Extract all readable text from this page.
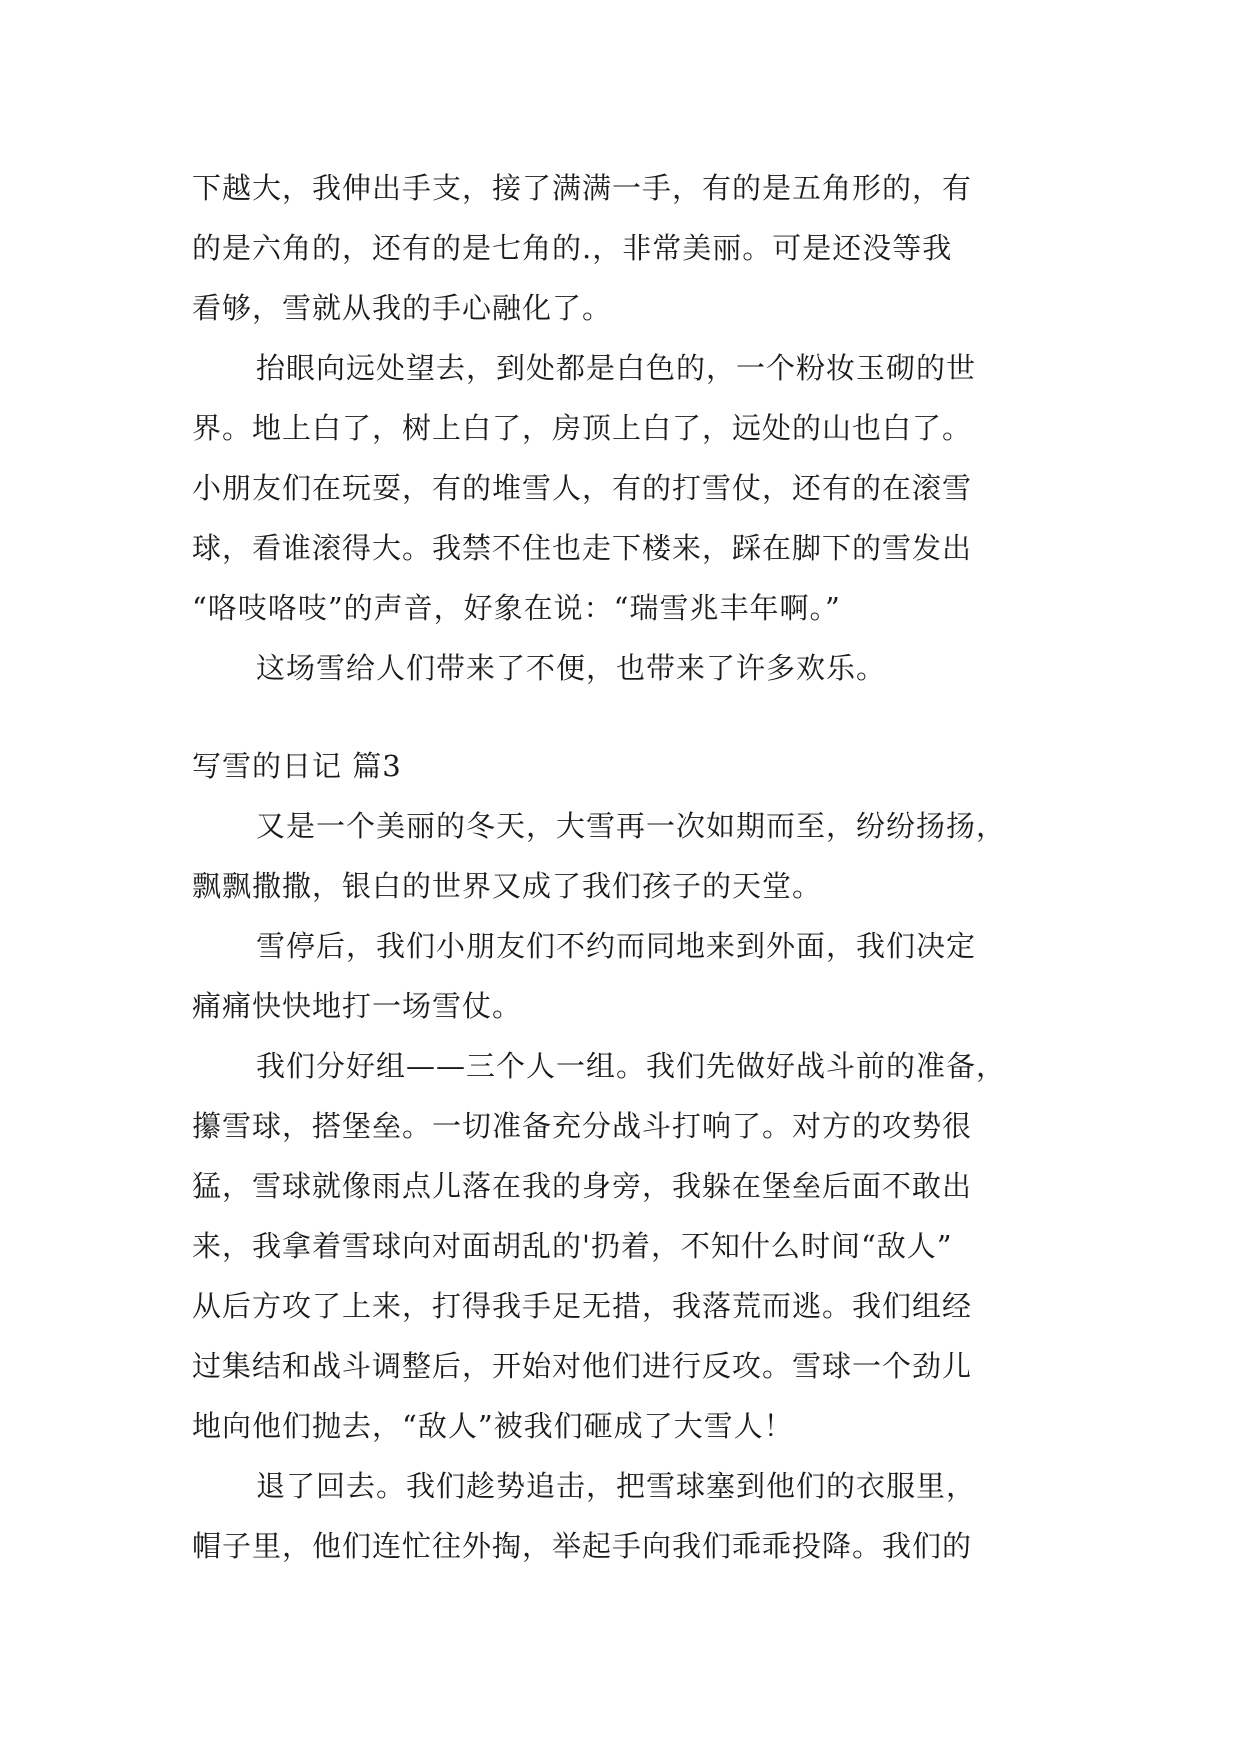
下越大，我伸出手支，接了满满一手，有的是五角形的，有
的是六角的，还有的是七角的.，非常美丽。可是还没等我
看够，雪就从我的手心融化了。
抬眼向远处望去，到处都是白色的，一个粉妆玉砌的世
界。地上白了，树上白了，房顶上白了，远处的山也白了。
小朋友们在玩耍，有的堆雪人，有的打雪仗，还有的在滚雪
球，看谁滚得大。我禁不住也走下楼来，踩在脚下的雪发出
“咯吱咯吱”的声音，好象在说：“瑞雪兆丰年啊。”
这场雪给人们带来了不便，也带来了许多欢乐。
写雪的日记 篇3
又是一个美丽的冬天，大雪再一次如期而至，纷纷扬扬，
飘飘撒撒，银白的世界又成了我们孩子的天堂。
雪停后，我们小朋友们不约而同地来到外面，我们决定
痛痛快快地打一场雪仗。
我们分好组——三个人一组。我们先做好战斗前的准备，
攥雪球，搭堡垒。一切准备充分战斗打响了。对方的攻势很
猛，雪球就像雨点儿落在我的身旁，我躲在堡垒后面不敢出
来，我拿着雪球向对面胡乱的'扔着，不知什么时间“敌人”
从后方攻了上来，打得我手足无措，我落荒而逃。我们组经
过集结和战斗调整后，开始对他们进行反攻。雪球一个劲儿
地向他们抛去，“敌人”被我们砸成了大雪人！
退了回去。我们趁势追击，把雪球塞到他们的衣服里，
帽子里，他们连忙往外掏，举起手向我们乖乖投降。我们的
